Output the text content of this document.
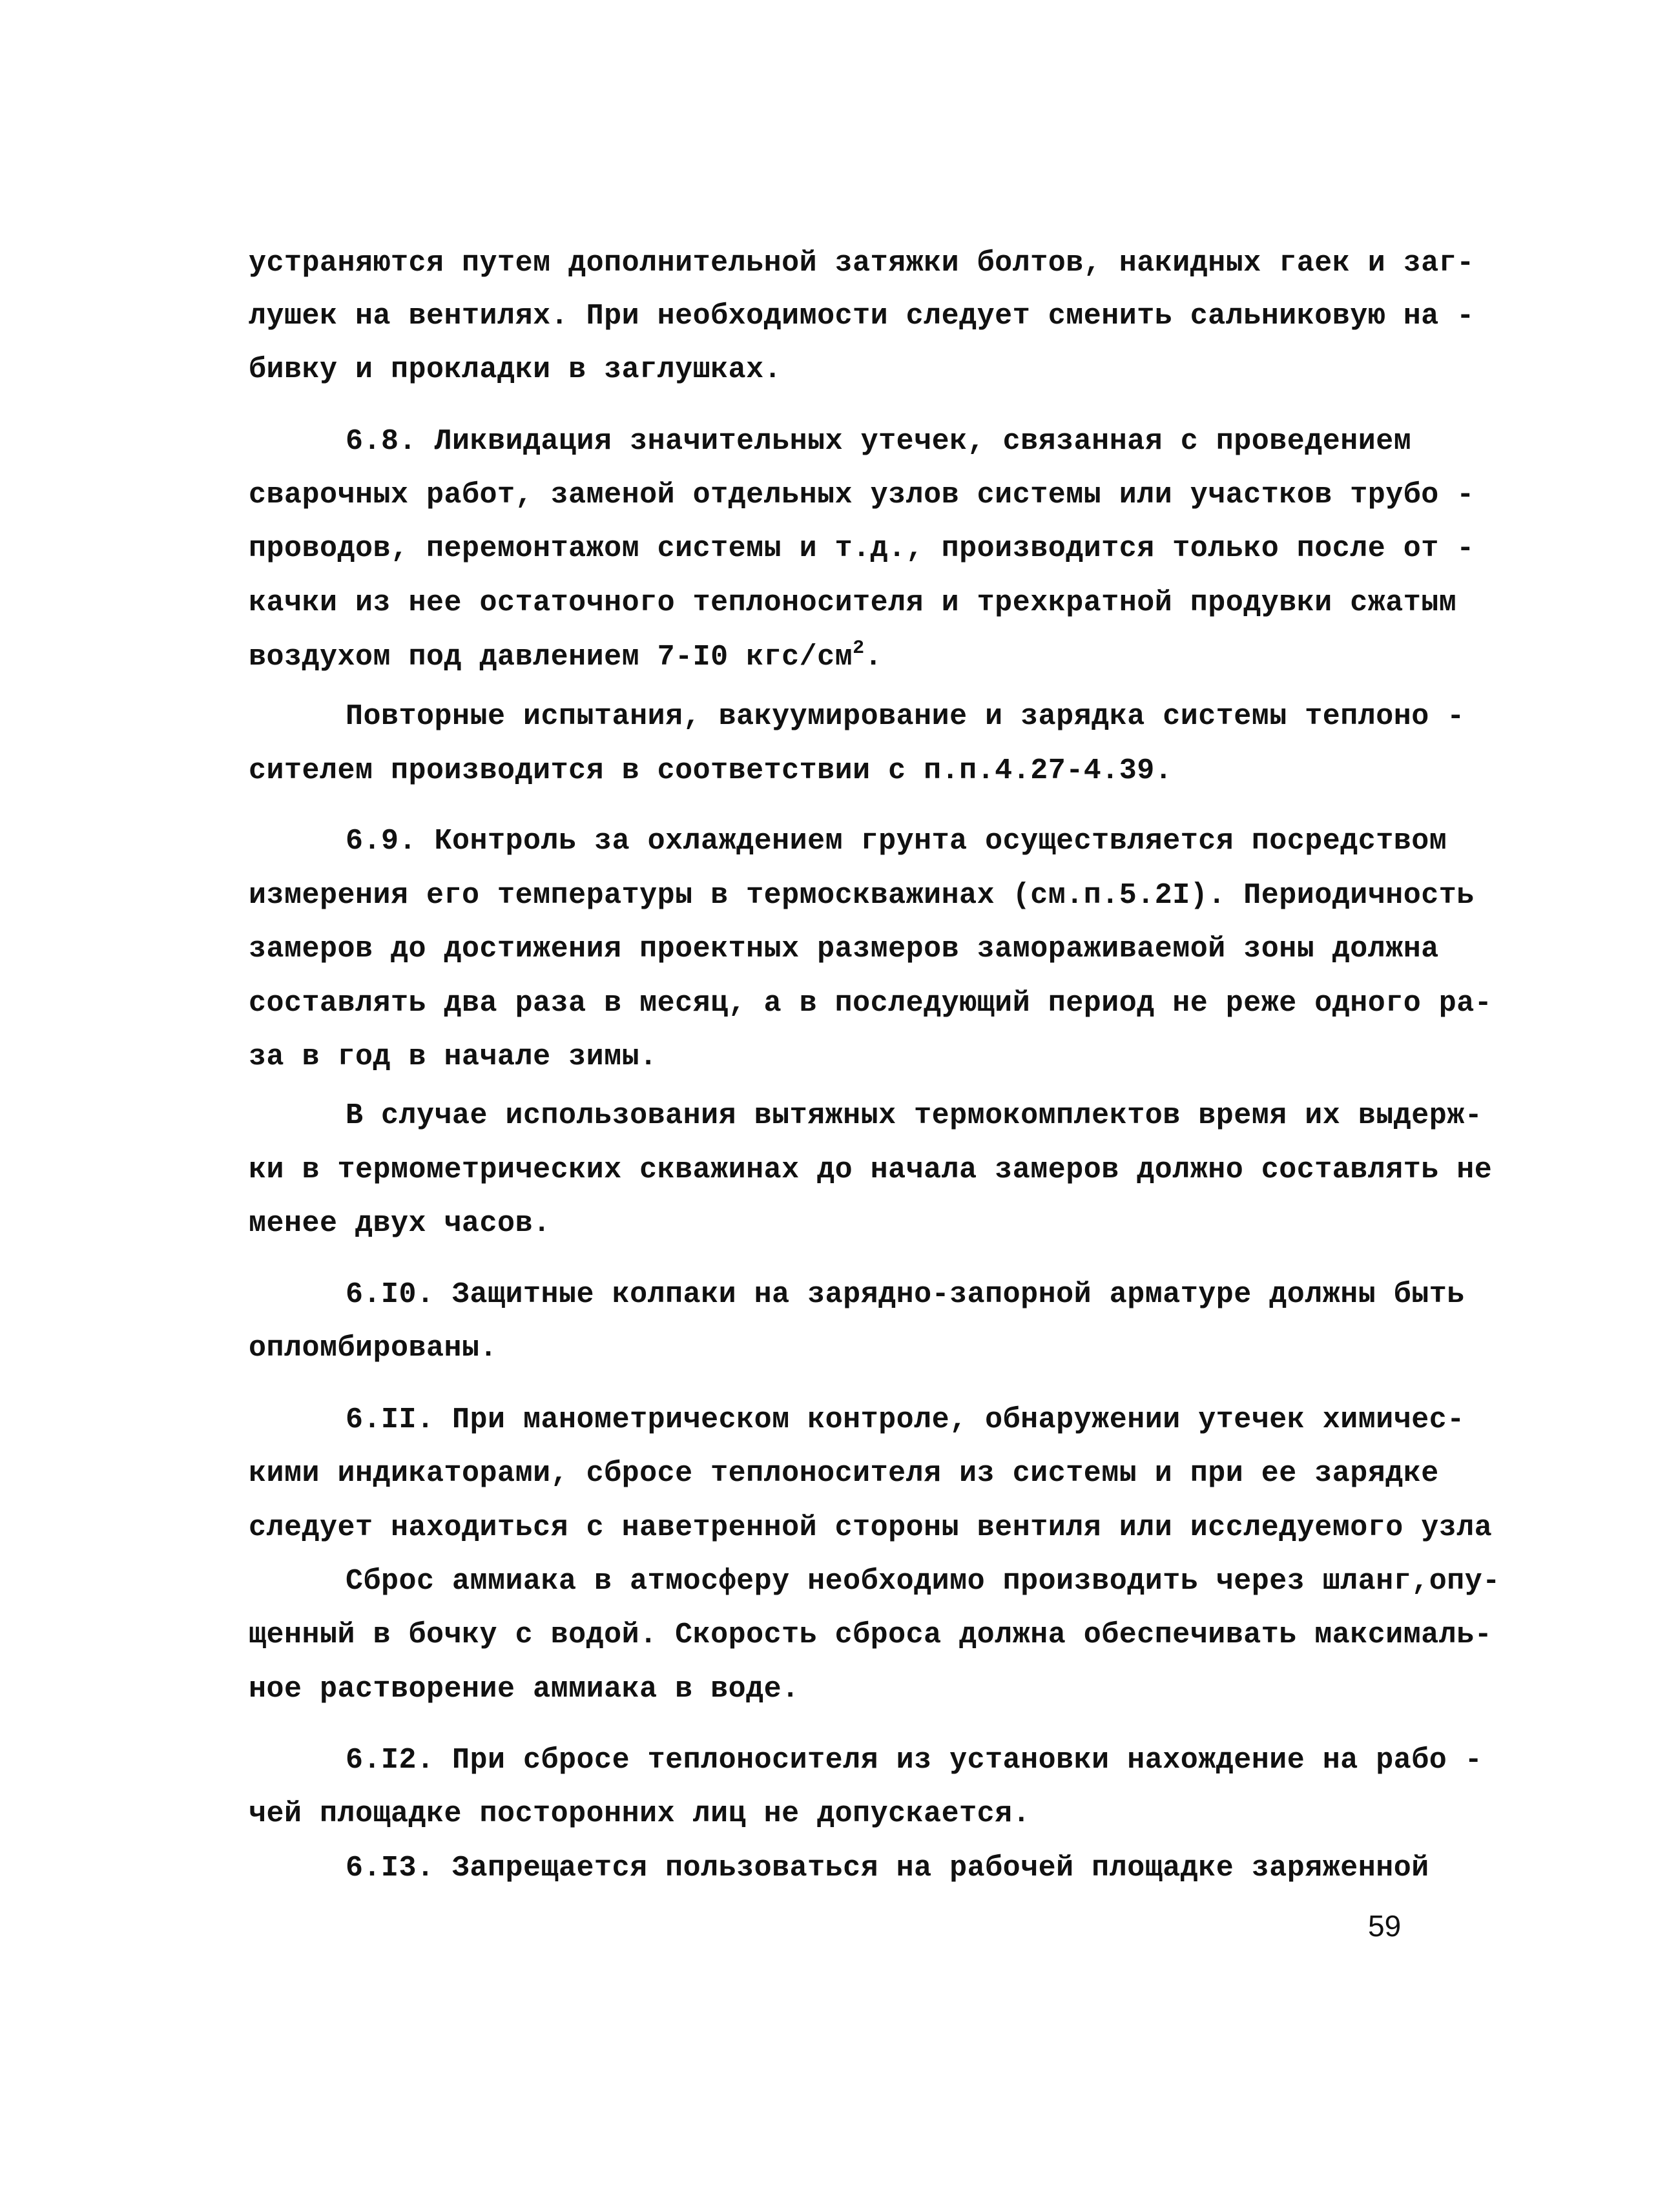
устраняются путем дополнительной затяжки болтов, накидных гаек и заг-
лушек на вентилях. При необходимости следует сменить сальниковую на -
бивку и прокладки в заглушках.
6.8. Ликвидация значительных утечек, связанная с проведением
сварочных работ, заменой отдельных узлов системы или участков трубо -
проводов, перемонтажом системы и т.д., производится только после от -
качки из нее остаточного теплоносителя и трехкратной продувки сжатым
воздухом под давлением 7-I0 кгс/$см^2$.
Повторные испытания, вакуумирование и зарядка системы теплоно -
сителем производится в соответствии с п.п.4.27-4.39.
6.9. Контроль за охлаждением грунта осуществляется посредством
измерения его температуры в термоскважинах (см.п.5.2I). Периодичность
замеров до достижения проектных размеров замораживаемой зоны должна
составлять два раза в месяц, а в последующий период не реже одного ра-
за в год в начале зимы.
В случае использования вытяжных термокомплектов время их выдерж-
ки в термометрических скважинах до начала замеров должно составлять не
менее двух часов.
6.I0. Защитные колпаки на зарядно-запорной арматуре должны быть
опломбированы.
6.II. При манометрическом контроле, обнаружении утечек химичес-
кими индикаторами, сбросе теплоносителя из системы и при ее зарядке
следует находиться с наветренной стороны вентиля или исследуемого узла
Сброс аммиака в атмосферу необходимо производить через шланг,опу-
щенный в бочку с водой. Скорость сброса должна обеспечивать максималь-
ное растворение аммиака в воде.
6.I2. При сбросе теплоносителя из установки нахождение на рабо -
чей площадке посторонних лиц не допускается.
6.I3. Запрещается пользоваться на рабочей площадке заряженной
59
